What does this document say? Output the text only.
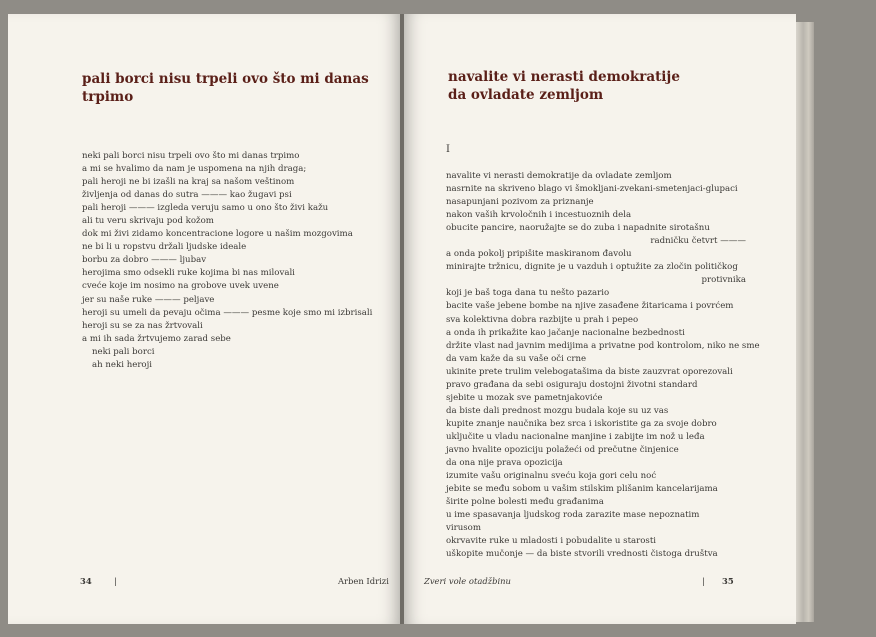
pali borci nisu trpeli ovo što mi danas trpimo
neki pali borci nisu trpeli ovo što mi danas trpimo
a mi se hvalimo da nam je uspomena na njih draga;
pali heroji ne bi izašli na kraj sa našom veštinom
življenja od danas do sutra ——— kao žugavi psi
pali heroji ——— izgleda veruju samo u ono što živi kažu
ali tu veru skrivaju pod kožom
dok mi živi zidamo koncentracione logore u našim mozgovima
ne bi li u ropstvu držali ljudske ideale
borbu za dobro ——— ljubav
herojima smo odsekli ruke kojima bi nas milovali
cveće koje im nosimo na grobove uvek uvene
jer su naše ruke ——— peljave
heroji su umeli da pevaju očima ——— pesme koje smo mi izbrisali
heroji su se za nas žrtvovali
a mi ih sada žrtvujemo zarad sebe
neki pali borci
ah neki heroji
34	|	Arben Idrizi
navalite vi nerasti demokratije
da ovladate zemljom
I
navalite vi nerasti demokratije da ovladate zemljom
nasrnite na skriveno blago vi šmokljani-zvekani-smetenjaci-glupaci
nasapunjani pozivom za priznanje
nakon vaših krvoločnih i incestuoznih dela
obucite pancire, naoružajte se do zuba i napadnite sirotašnu
radničku četvrt ———
a onda pokolj pripišite maskiranom đavolu
minirajte tržnicu, dignite je u vazduh i optužite za zločin političkog
protivnika
koji je baš toga dana tu nešto pazario
bacite vaše jebene bombe na njive zasađene žitaricama i povrćem
sva kolektivna dobra razbijte u prah i pepeo
a onda ih prikažite kao jačanje nacionalne bezbednosti
držite vlast nad javnim medijima a privatne pod kontrolom, niko ne sme
da vam kaže da su vaše oči crne
ukinite prete trulim velebogatašima da biste zauzvrat oporezovali
pravo građana da sebi osiguraju dostojni životni standard
sjebite u mozak sve pametnjakoviće
da biste dali prednost mozgu budala koje su uz vas
kupite znanje naučnika bez srca i iskoristite ga za svoje dobro
uključite u vladu nacionalne manjine i zabijte im nož u leđa
javno hvalite opoziciju polažeći od prečutne činjenice
da ona nije prava opozicija
izumite vašu originalnu sveću koja gori celu noć
jebite se među sobom u vašim stilskim plišanim kancelarijama
širite polne bolesti među građanima
u ime spasavanja ljudskog roda zarazite mase nepoznatim
virusom
okrvavite ruke u mladosti i pobudalite u starosti
uškopite mučonje — da biste stvorili vrednosti čistoga društva
Zveri vole otadžbinu	| 35
